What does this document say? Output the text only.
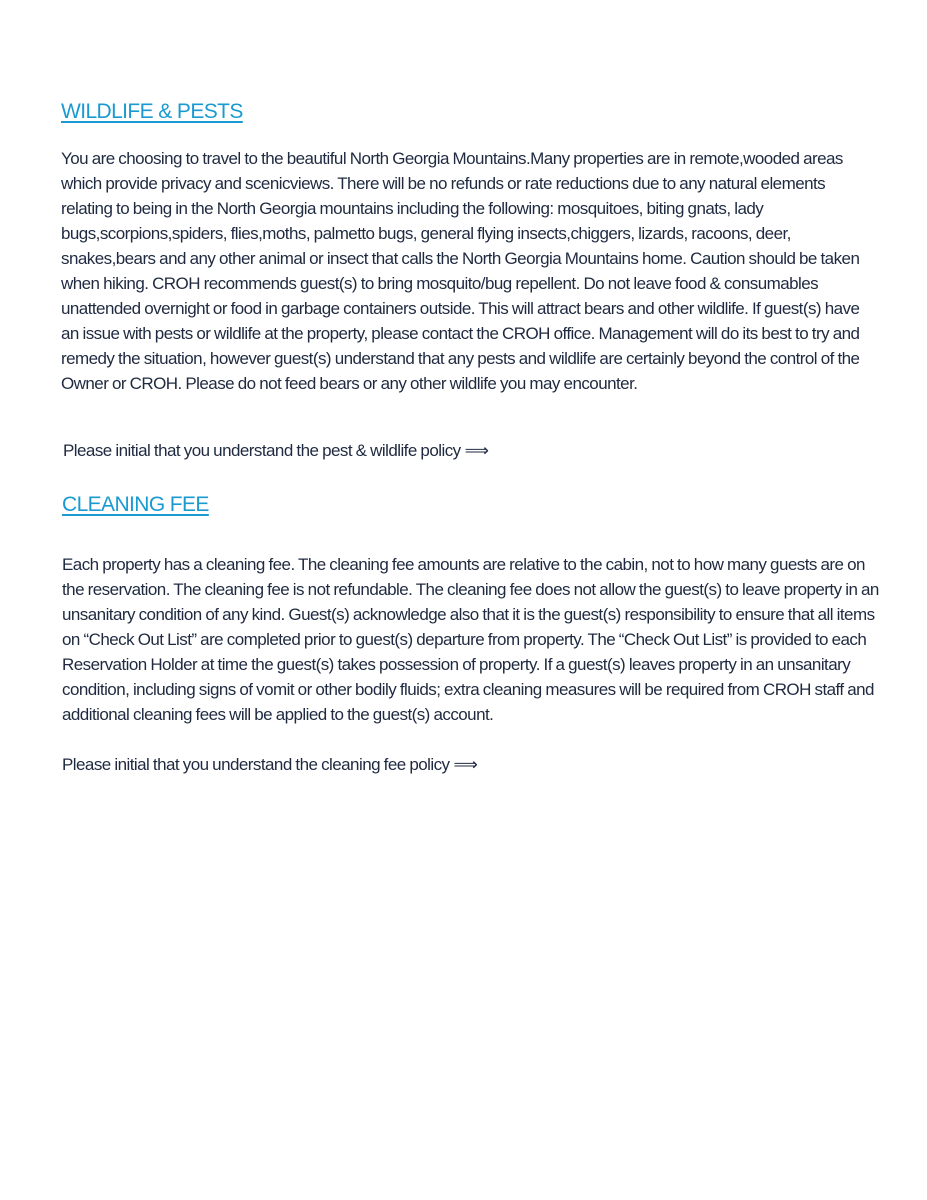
WILDLIFE & PESTS

You are choosing to travel to the beautiful North Georgia Mountains.Many properties are in remote,wooded areas which provide privacy and scenicviews. There will be no refunds or rate reductions due to any natural elements relating to being in the North Georgia mountains including the following: mosquitoes, biting gnats, lady bugs,scorpions,spiders, flies,moths, palmetto bugs, general flying insects,chiggers, lizards, racoons, deer, snakes,bears and any other animal or insect that calls the North Georgia Mountains home. Caution should be taken when hiking. CROH recommends guest(s) to bring mosquito/bug repellent. Do not leave food & consumables unattended overnight or food in garbage containers outside. This will attract bears and other wildlife. If guest(s) have an issue with pests or wildlife at the property, please contact the CROH office. Management will do its best to try and remedy the situation, however guest(s) understand that any pests and wildlife are certainly beyond the control of the Owner or CROH. Please do not feed bears or any other wildlife you may encounter.

Please initial that you understand the pest & wildlife policy ⟹

CLEANING FEE

Each property has a cleaning fee. The cleaning fee amounts are relative to the cabin, not to how many guests are on the reservation. The cleaning fee is not refundable. The cleaning fee does not allow the guest(s) to leave property in an unsanitary condition of any kind. Guest(s) acknowledge also that it is the guest(s) responsibility to ensure that all items on “Check Out List” are completed prior to guest(s) departure from property. The “Check Out List” is provided to each Reservation Holder at time the guest(s) takes possession of property. If a guest(s) leaves property in an unsanitary condition, including signs of vomit or other bodily fluids; extra cleaning measures will be required from CROH staff and additional cleaning fees will be applied to the guest(s) account.

Please initial that you understand the cleaning fee policy ⟹
